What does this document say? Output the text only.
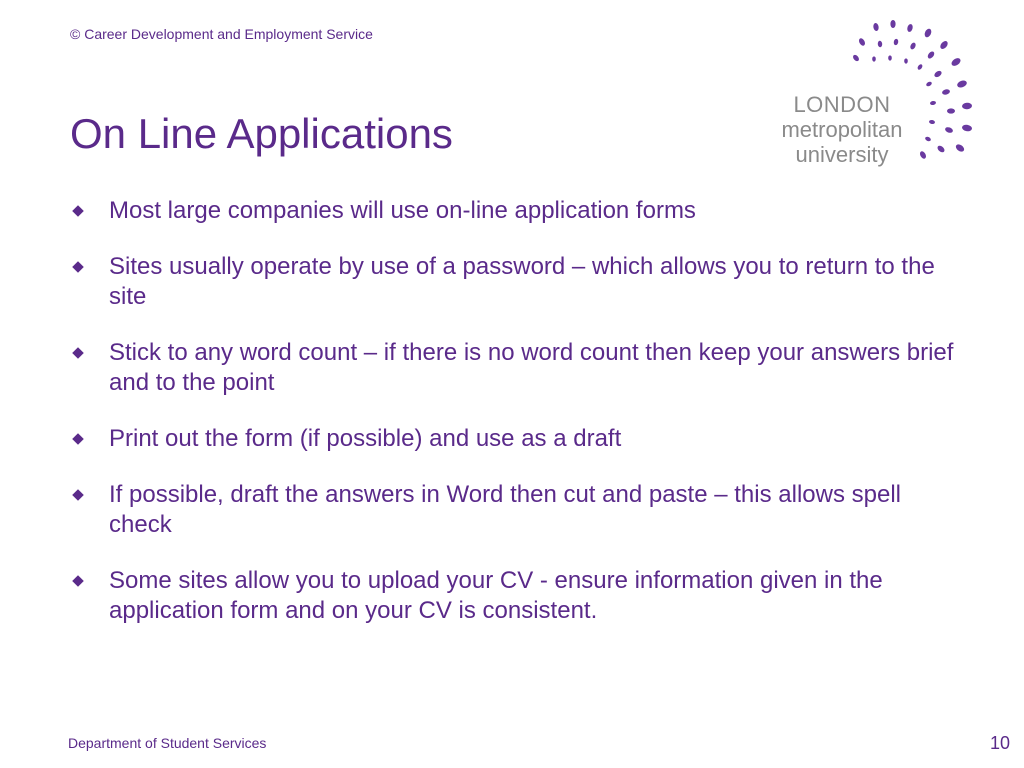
© Career Development and Employment Service
On Line Applications
LONDON
metropolitan
university
Most large companies will use on-line application forms
Sites usually operate by use of a password – which allows you to return to the site
Stick to any word count – if there is no word count then keep your answers brief and to the point
Print out the form (if possible) and use as a draft
If possible, draft the answers in Word then cut and paste – this allows spell check
Some sites allow you to upload your CV - ensure information given in the application form and on your CV is consistent.
Department of Student Services	10
